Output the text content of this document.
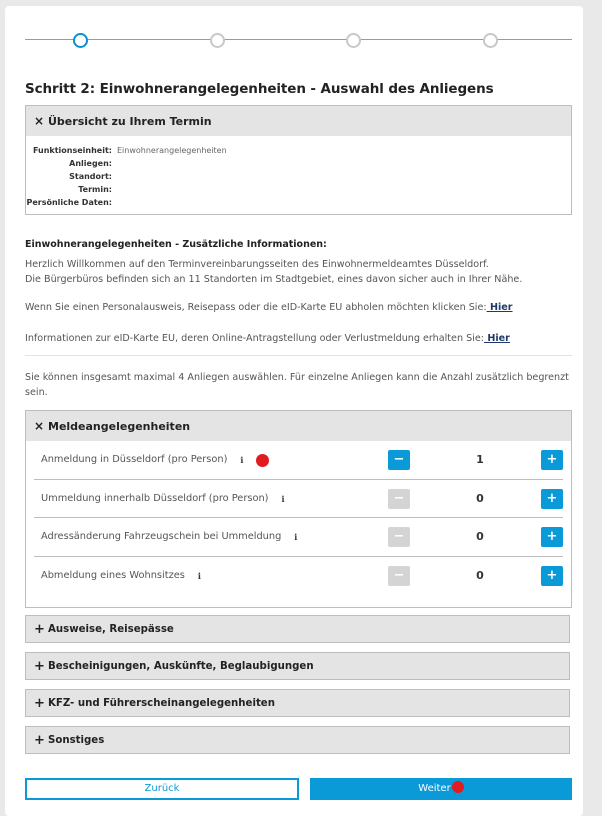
Schritt 2: Einwohnerangelegenheiten - Auswahl des Anliegens
× Übersicht zu Ihrem Termin
Funktionseinheit: Einwohnerangelegenheiten
Anliegen:
Standort:
Termin:
Persönliche Daten:
Einwohnerangelegenheiten - Zusätzliche Informationen:
Herzlich Willkommen auf den Terminvereinbarungsseiten des Einwohnermeldeamtes Düsseldorf.
Die Bürgerbüros befinden sich an 11 Standorten im Stadtgebiet, eines davon sicher auch in Ihrer Nähe.
Wenn Sie einen Personalausweis, Reisepass oder die eID-Karte EU abholen möchten klicken Sie: Hier
Informationen zur eID-Karte EU, deren Online-Antragstellung oder Verlustmeldung erhalten Sie: Hier
Sie können insgesamt maximal 4 Anliegen auswählen. Für einzelne Anliegen kann die Anzahl zusätzlich begrenzt sein.
× Meldeangelegenheiten
Anmeldung in Düsseldorf (pro Person)	i	−	1	+
Ummeldung innerhalb Düsseldorf (pro Person)	i	−	0	+
Adressänderung Fahrzeugschein bei Ummeldung	i	−	0	+
Abmeldung eines Wohnsitzes	i	−	0	+
+ Ausweise, Reisepässe
+ Bescheinigungen, Auskünfte, Beglaubigungen
+ KFZ- und Führerscheinangelegenheiten
+ Sonstiges
Zurück	Weiter
